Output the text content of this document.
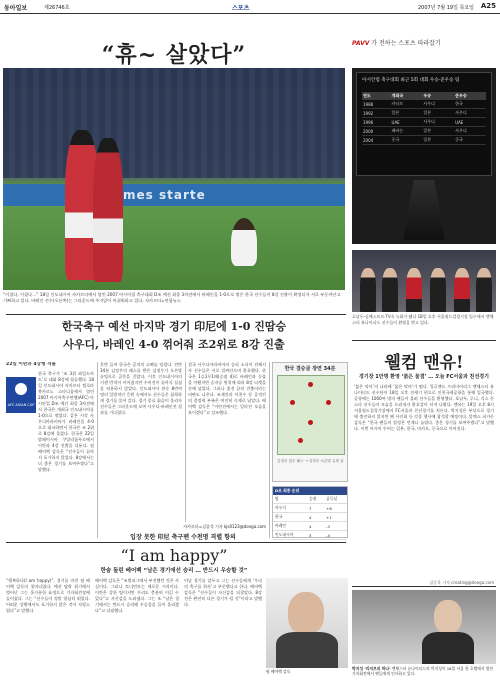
동아일보	제26746호	스포츠	2007년 7월 19일 목요일 A25
“휴~ 살았다”
mes starte
“이겼다, 이겼다…” 18일 인도네시아 자카르타에서 열린 2007 아시아컵 축구대회 D조 예선 최종 3차전에서 바레인을 1-0으로 꺾은 한국 선수들이 8강 진출이 확정되자 서로 부둥켜안고 기뻐하고 있다. 바레인 선수(오른쪽)는 그라운드에 주저앉아 아쉬워하고 있다. 자카르타=연합뉴스
PAVV 가 전하는 스포츠 따라잡기
아시안컵 축구대회 최근 5회 대회 우승·준우승 팀
연도	개최국	우승	준우승
1988	카타르	사우디	한국
1992	일본	일본	사우디
1996	UAE	사우디	UAE
2000	레바논	일본	사우디
2004	중국	일본	중국
호날두·실베스트르·TV속 녹화가 됐다 18일 오후 서울월드컵경기장 입구에서 맨체스터 유나이티드 선수들이 환영을 받고 있다.
한국축구 예선 마지막 경기 印尼에 1-0 진땀승
사우디, 바레인 4-0 꺾어줘 조2위로 8강 진출
22일 이란과 4강행 격돌
한국 축구가 ‘조 3위 와일드카드’로 대회 8강에 합류했다. 18일 인도네시아 자카르타 겔로라 붕카르노 스타디움에서 열린 2007 아시아축구연맹(AFC) 아시안컵 D조 예선 최종 3차전에서 한국은 개최국 인도네시아를 1-0으로 꺾었다. 같은 시각 사우디아라비아가 바레인을 4-0으로 대파하면서 한국은 조 2위로 8강에 올랐다. 한국은 22일 말레이시아 쿠알라룸푸르에서 이란과 4강 진출을 다툰다. 핌 베어벡 감독은 “선수들이 끝까지 포기하지 않았다. 8강에서는 더 좋은 경기를 보여주겠다”고 말했다.
AFC ASIAN CUP
후반 들어 한국은 공격의 고삐를 당겼다. 전반 34분 김정우의 패스를 받은 김정우가 오른발 슈팅으로 골문을 갈랐다. 이후 인도네시아의 거센 반격이 이어졌지만 수비진이 끝까지 실점을 허용하지 않았다. 인도네시아 관중 8만여 명의 일방적인 응원 속에서도 선수들은 침착하게 경기를 풀어 갔다. 경기 종료 휘슬이 울리자 선수들은 그라운드에 모여 사우디-바레인전 결과를 기다렸다.
결국 사우디아라비아의 승리 소식이 전해지자 선수들은 서로 얼싸안으며 환호했다. 한국은 1승1무1패(승점 4)로 바레인과 동률을 이뤘지만 승자승 원칙에 따라 8강 티켓을 손에 넣었다. 그러나 졸전 끝의 진출이라는 비판도 나온다. 조재진과 이천수 등 공격진의 결정력 부족은 여전히 숙제로 남았다. 베어벡 감독은 “이란전에서는 달라진 모습을 보이겠다”고 강조했다.
자카르타=김종석 기자 kjs0123@donga.com
입장 못한 印尼 축구팬 수천명 격렬 항의
한국 결승골 장면 34분
김정우 침투 패스 → 김정우 오른발 슈팅 골
D조 최종 순위
팀	승점	골득실
사우디	7	+6
한국	4	+1
바레인	4	-3
인도네시아	3	-4
웰컴 맨유!
경기장 1만명 환영 ‘붉은 물결’ … 오늘 FC서울과 친선경기
‘붉은 악마’의 나라에 ‘붉은 악마’가 떴다. 잉글랜드 프리미어리그 맨체스터 유나이티드 선수단이 18일 오후 전세기 편으로 인천국제공항을 통해 입국했다. 공항에는 1000여 명의 팬들이 몰려 선수들을 환영했다. 호날두, 루니, 긱스 등 스타 선수들이 모습을 드러내자 환호성이 터져 나왔다. 맨유는 19일 오후 8시 서울월드컵경기장에서 FC서울과 친선경기를 치른다. 박지성은 부상으로 경기에 출전하지 않지만 팬 사인회 등 각종 행사에 참석할 예정이다. 알렉스 퍼거슨 감독은 “한국 팬들의 열정은 언제나 놀랍다. 좋은 경기를 보여주겠다”고 말했다. 이번 아시아 투어는 일본, 한국, 마카오, 중국으로 이어진다.
김동욱 기자 creating@donga.com
“I am happy”
한숨 돌린 베어벡 “남은 경기에선 승리 … 반드시 우승할 것”
“행복하다(I am happy)”. 경기를 마친 핌 베어벡 감독의 첫마디였다. 예선 탈락 위기에서 벗어난 그는 홀가분한 표정으로 기자회견장에 들어섰다. 그는 “선수들이 정말 열심히 뛰었다. 어려운 상황에서도 포기하지 않은 것이 자랑스럽다”고 말했다.
베어벡 감독은 “조별리그에서 부진했던 것은 사실이다. 그러나 토너먼트는 새로운 시작이다. 이란은 강한 팀이지만 우리도 충분히 이길 수 있다”고 자신감을 드러냈다. 그는 또 “남은 경기에서는 반드시 승리해 우승컵을 들어 올리겠다”고 다짐했다.
이날 경기를 앞두고 그는 선수들에게 ‘우리의 축구를 하자’고 주문했다고 한다. 베어벡 감독은 “선수들이 자신감을 되찾았다. 8강전은 완전히 다른 경기가 될 것”이라고 말했다.
핌 베어벡 감독
박지성 ‘리저브의 하나’ 맨체스터 유나이티드의 박지성이 18일 서울 한 호텔에서 열린 기자회견에서 팬들에게 인사하고 있다.
